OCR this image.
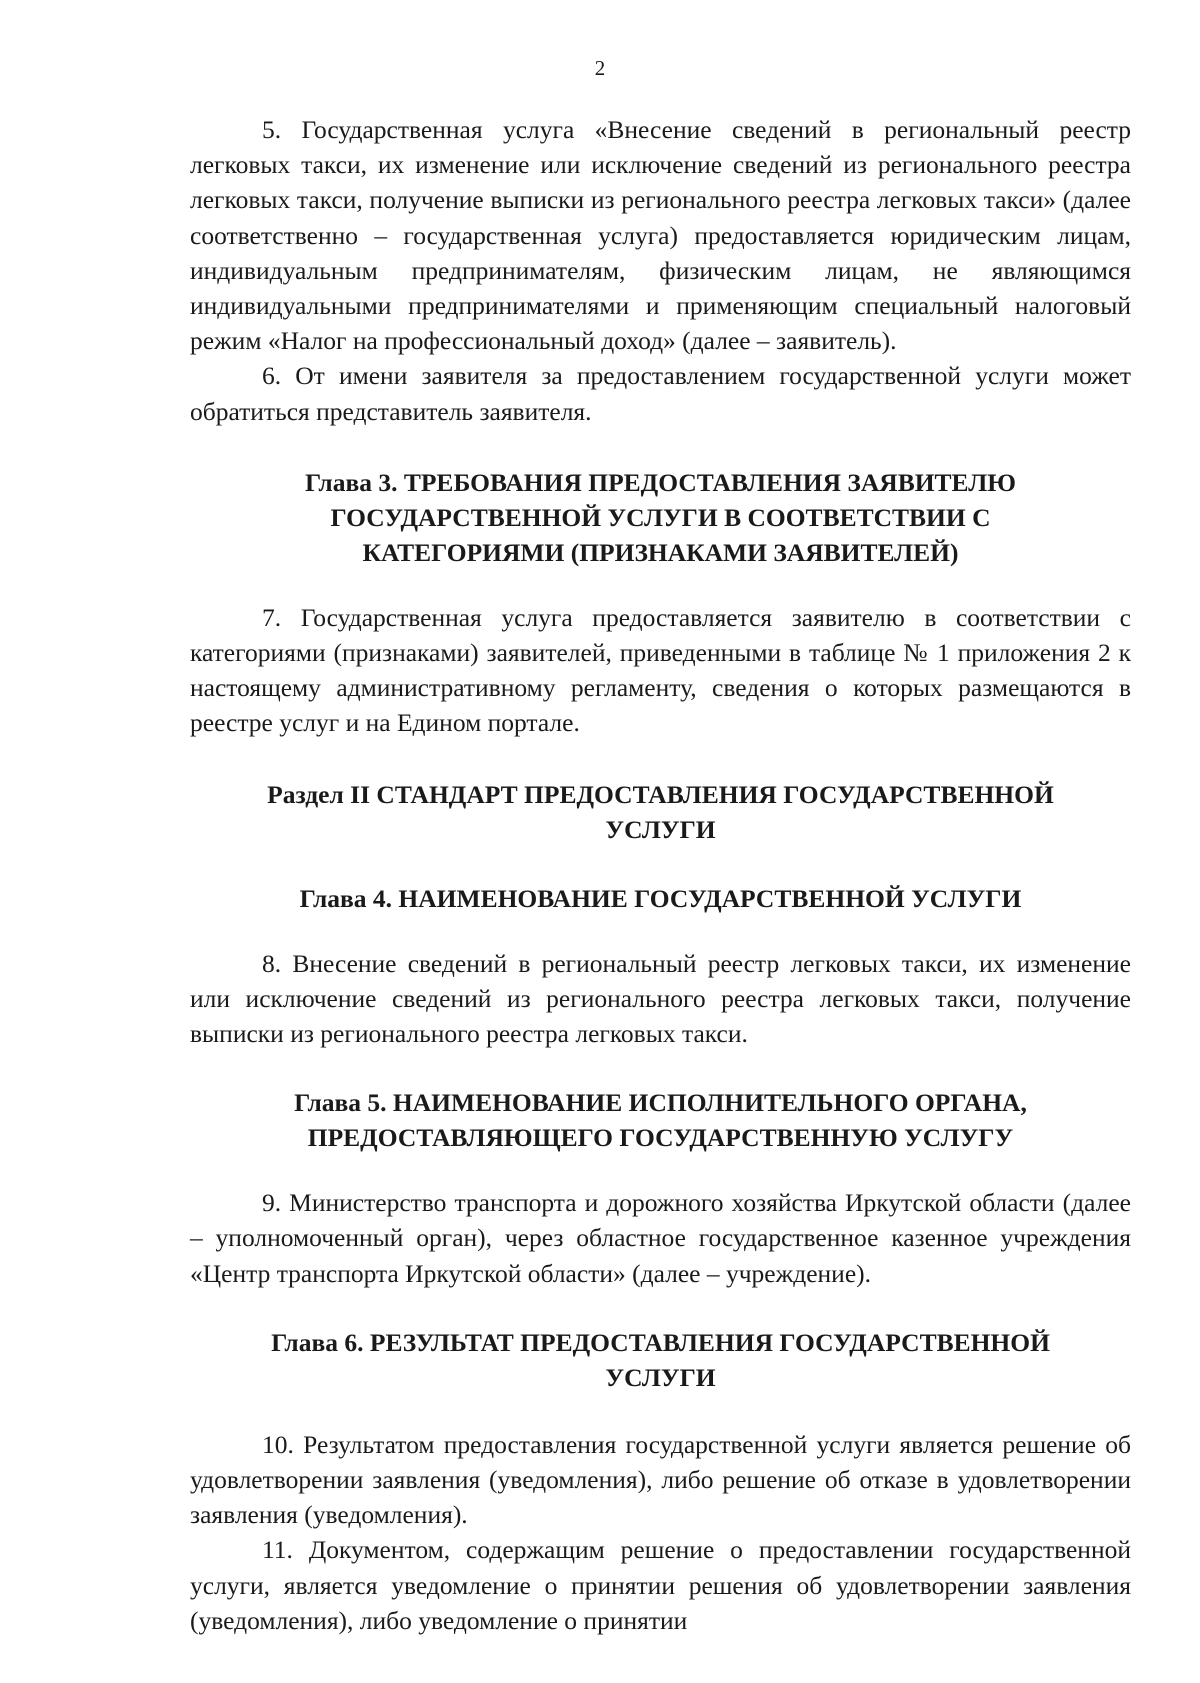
2

5. Государственная услуга «Внесение сведений в региональный реестр легковых такси, их изменение или исключение сведений из регионального реестра легковых такси, получение выписки из регионального реестра легковых такси» (далее соответственно – государственная услуга) предоставляется юридическим лицам, индивидуальным предпринимателям, физическим лицам, не являющимся индивидуальными предпринимателями и применяющим специальный налоговый режим «Налог на профессиональный доход» (далее – заявитель).

6. От имени заявителя за предоставлением государственной услуги может обратиться представитель заявителя.

Глава 3. ТРЕБОВАНИЯ ПРЕДОСТАВЛЕНИЯ ЗАЯВИТЕЛЮ
ГОСУДАРСТВЕННОЙ УСЛУГИ В СООТВЕТСТВИИ С
КАТЕГОРИЯМИ (ПРИЗНАКАМИ ЗАЯВИТЕЛЕЙ)

7. Государственная услуга предоставляется заявителю в соответствии с категориями (признаками) заявителей, приведенными в таблице № 1 приложения 2 к настоящему административному регламенту, сведения о которых размещаются в реестре услуг и на Едином портале.

Раздел II СТАНДАРТ ПРЕДОСТАВЛЕНИЯ ГОСУДАРСТВЕННОЙ
УСЛУГИ
Глава 4. НАИМЕНОВАНИЕ ГОСУДАРСТВЕННОЙ УСЛУГИ

8. Внесение сведений в региональный реестр легковых такси, их изменение или исключение сведений из регионального реестра легковых такси, получение выписки из регионального реестра легковых такси.

Глава 5. НАИМЕНОВАНИЕ ИСПОЛНИТЕЛЬНОГО ОРГАНА,
ПРЕДОСТАВЛЯЮЩЕГО ГОСУДАРСТВЕННУЮ УСЛУГУ

9. Министерство транспорта и дорожного хозяйства Иркутской области (далее – уполномоченный орган), через областное государственное казенное учреждения «Центр транспорта Иркутской области» (далее – учреждение).

Глава 6. РЕЗУЛЬТАТ ПРЕДОСТАВЛЕНИЯ ГОСУДАРСТВЕННОЙ
УСЛУГИ

10. Результатом предоставления государственной услуги является решение об удовлетворении заявления (уведомления), либо решение об отказе в удовлетворении заявления (уведомления).

11. Документом, содержащим решение о предоставлении государственной услуги, является уведомление о принятии решения об удовлетворении заявления (уведомления), либо уведомление о принятии
